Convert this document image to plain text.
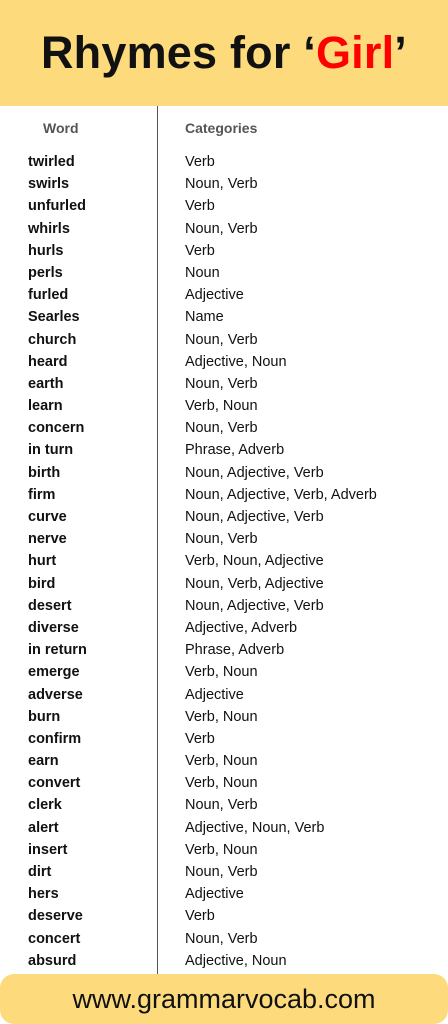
Rhymes for ‘Girl’
Word	Categories
twirled	Verb
swirls	Noun, Verb
unfurled	Verb
whirls	Noun, Verb
hurls	Verb
perls	Noun
furled	Adjective
Searles	Name
church	Noun, Verb
heard	Adjective, Noun
earth	Noun, Verb
learn	Verb, Noun
concern	Noun, Verb
in turn	Phrase, Adverb
birth	Noun, Adjective, Verb
firm	Noun, Adjective, Verb, Adverb
curve	Noun, Adjective, Verb
nerve	Noun, Verb
hurt	Verb, Noun, Adjective
bird	Noun, Verb, Adjective
desert	Noun, Adjective, Verb
diverse	Adjective, Adverb
in return	Phrase, Adverb
emerge	Verb, Noun
adverse	Adjective
burn	Verb, Noun
confirm	Verb
earn	Verb, Noun
convert	Verb, Noun
clerk	Noun, Verb
alert	Adjective, Noun, Verb
insert	Verb, Noun
dirt	Noun, Verb
hers	Adjective
deserve	Verb
concert	Noun, Verb
absurd	Adjective, Noun
www.grammarvocab.com
